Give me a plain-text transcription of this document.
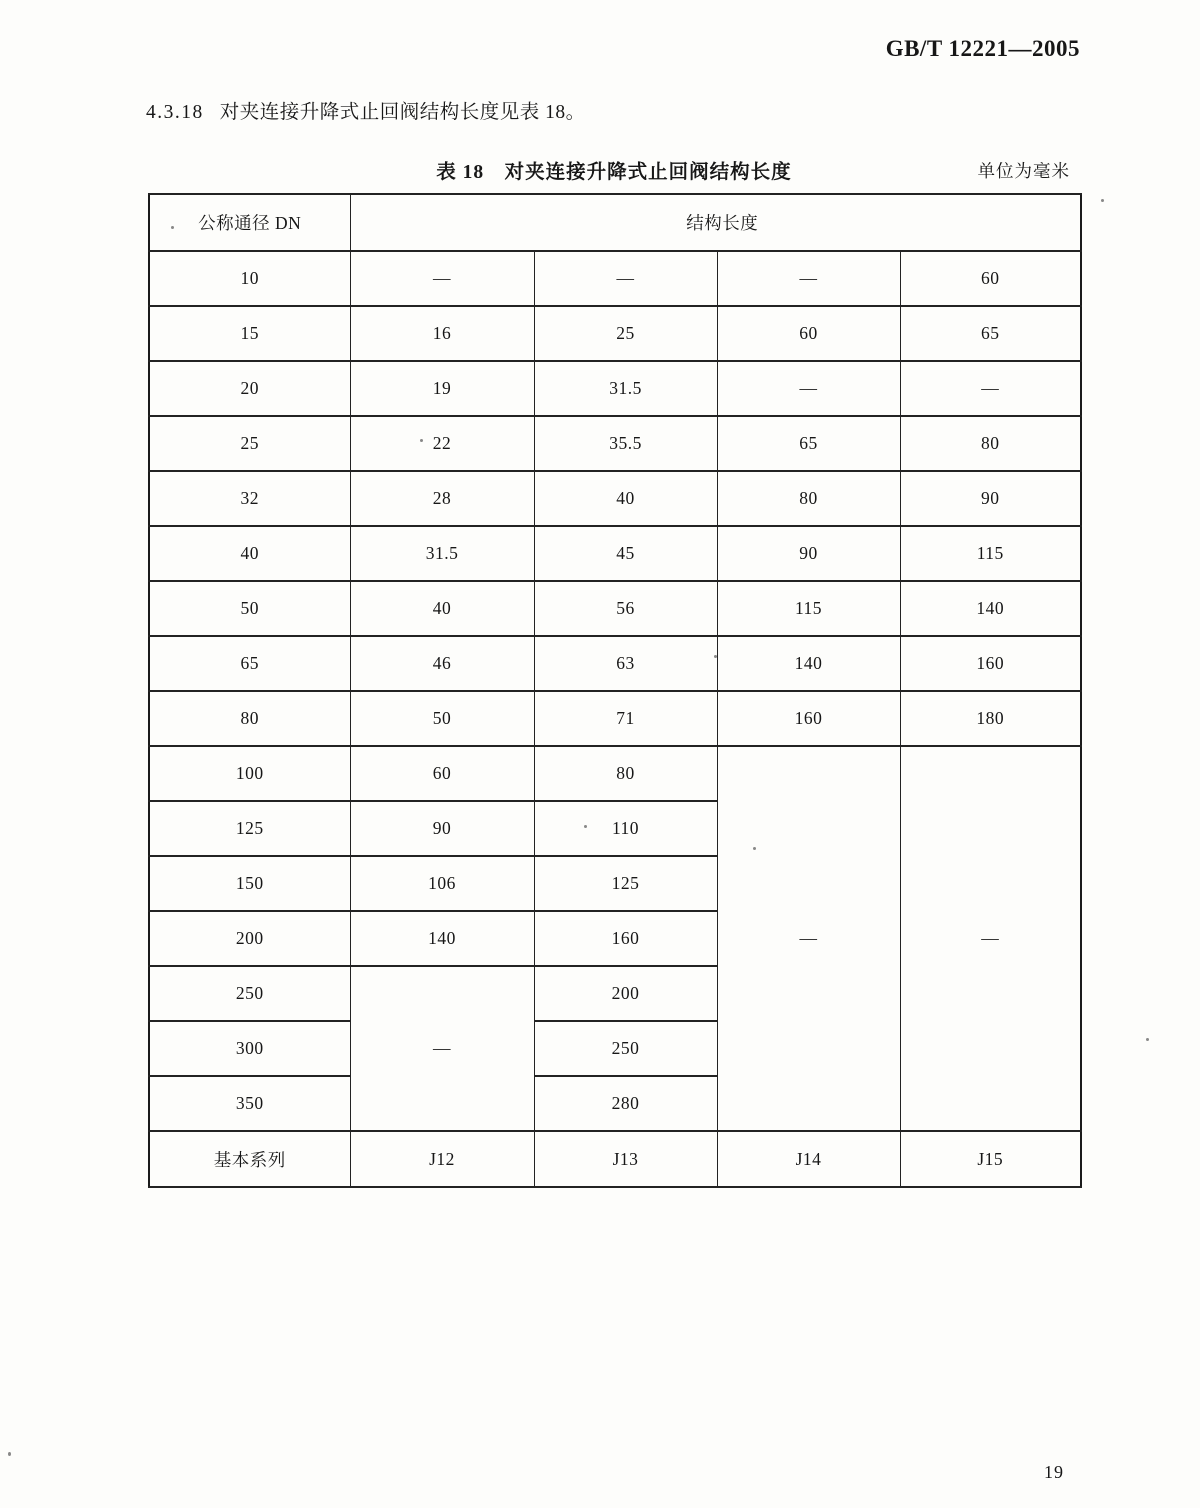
GB/T 12221—2005
4.3.18 对夹连接升降式止回阀结构长度见表 18。
表 18　对夹连接升降式止回阀结构长度	单位为毫米
公称通径 DN	结构长度			
10	—	—	—	60
15	16	25	60	65
20	19	31.5	—	—
25	22	35.5	65	80
32	28	40	80	90
40	31.5	45	90	115
50	40	56	115	140
65	46	63	140	160
80	50	71	160	180
100	60	80	—	—
125	90	110		
150	106	125		
200	140	160		
250	—	200		
300		250		
350		280		
基本系列	J12	J13	J14	J15
19
